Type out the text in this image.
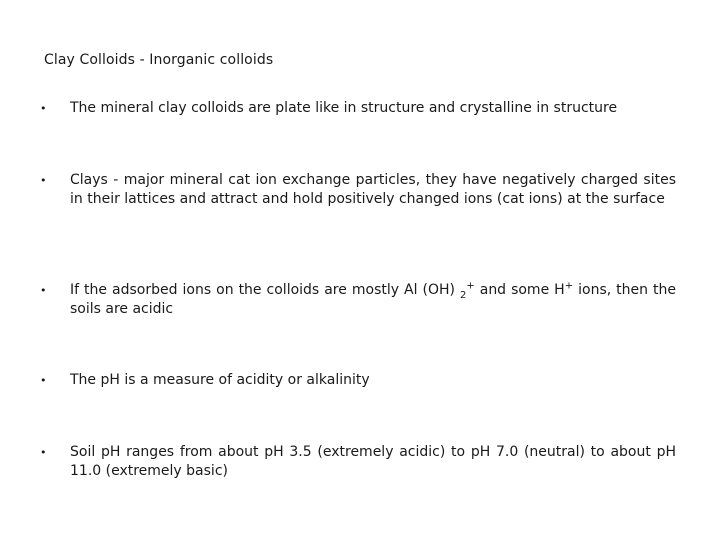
Clay Colloids - Inorganic colloids
•	The mineral clay colloids are plate like in structure and crystalline in structure
•	Clays - major mineral cat ion exchange particles, they have negatively charged sites in their lattices and attract and hold positively changed ions (cat ions) at the surface
•	If the adsorbed ions on the colloids are mostly Al (OH) $_2$+ and some H+ ions, then the soils are acidic
•	The pH is a measure of acidity or alkalinity
•	Soil pH ranges from about pH 3.5 (extremely acidic) to pH 7.0 (neutral) to about pH 11.0 (extremely basic)
